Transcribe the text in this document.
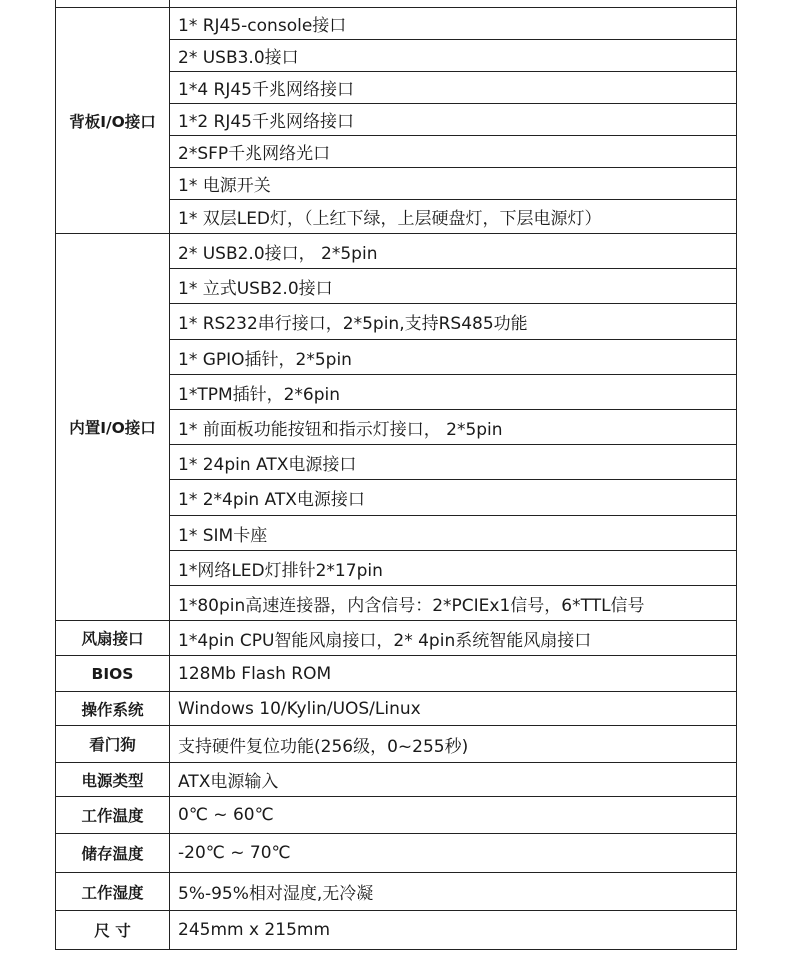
背板I/O接口	1* RJ45-console接口
	2* USB3.0接口
	1*4 RJ45千兆网络接口
	1*2 RJ45千兆网络接口
	2*SFP千兆网络光口
	1* 电源开关
	1* 双层LED灯，（上红下绿，上层硬盘灯，下层电源灯）
内置I/O接口	2* USB2.0接口， 2*5pin
	1* 立式USB2.0接口
	1* RS232串行接口，2*5pin,支持RS485功能
	1* GPIO插针，2*5pin
	1*TPM插针，2*6pin
	1* 前面板功能按钮和指示灯接口， 2*5pin
	1* 24pin ATX电源接口
	1* 2*4pin ATX电源接口
	1* SIM卡座
	1*网络LED灯排针2*17pin
	1*80pin高速连接器，内含信号：2*PCIEx1信号，6*TTL信号
风扇接口	1*4pin CPU智能风扇接口，2* 4pin系统智能风扇接口
BIOS	128Mb Flash ROM
操作系统	Windows 10/Kylin/UOS/Linux
看门狗	支持硬件复位功能(256级，0~255秒)
电源类型	ATX电源输入
工作温度	0℃ ~ 60℃
储存温度	-20℃ ~ 70℃
工作湿度	5%-95%相对湿度,无冷凝
尺 寸	245mm x 215mm
